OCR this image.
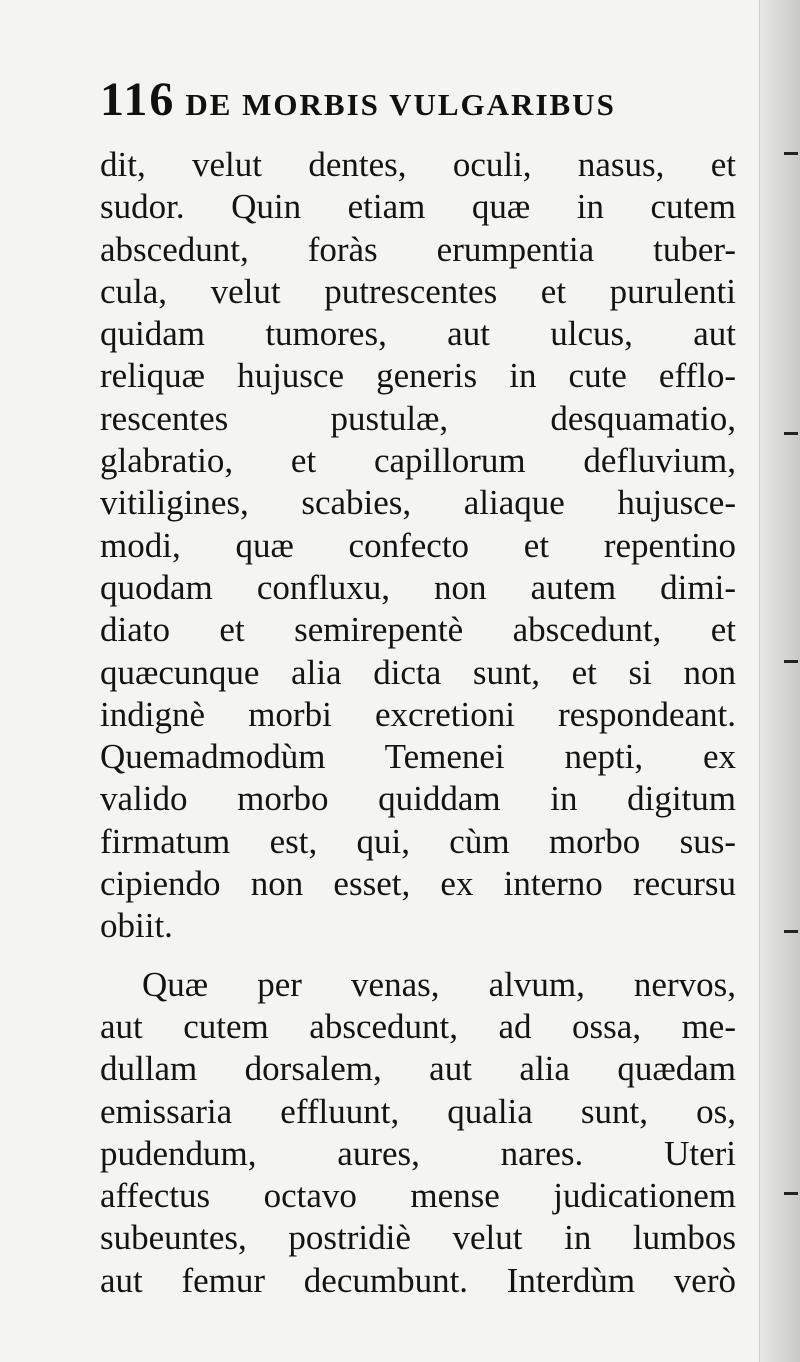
116 DE MORBIS VULGARIBUS
dit, velut dentes, oculi, nasus, et
sudor. Quin etiam quæ in cutem
abscedunt, foràs erumpentia tuber-
cula, velut putrescentes et purulenti
quidam tumores, aut ulcus, aut
reliquæ hujusce generis in cute efflo-
rescentes pustulæ, desquamatio,
glabratio, et capillorum defluvium,
vitiligines, scabies, aliaque hujusce-
modi, quæ confecto et repentino
quodam confluxu, non autem dimi-
diato et semirepentè abscedunt, et
quæcunque alia dicta sunt, et si non
indignè morbi excretioni respondeant.
Quemadmodùm Temenei nepti, ex
valido morbo quiddam in digitum
firmatum est, qui, cùm morbo sus-
cipiendo non esset, ex interno recursu
obiit.
Quæ per venas, alvum, nervos,
aut cutem abscedunt, ad ossa, me-
dullam dorsalem, aut alia quædam
emissaria effluunt, qualia sunt, os,
pudendum, aures, nares. Uteri
affectus octavo mense judicationem
subeuntes, postridiè velut in lumbos
aut femur decumbunt. Interdùm verò
